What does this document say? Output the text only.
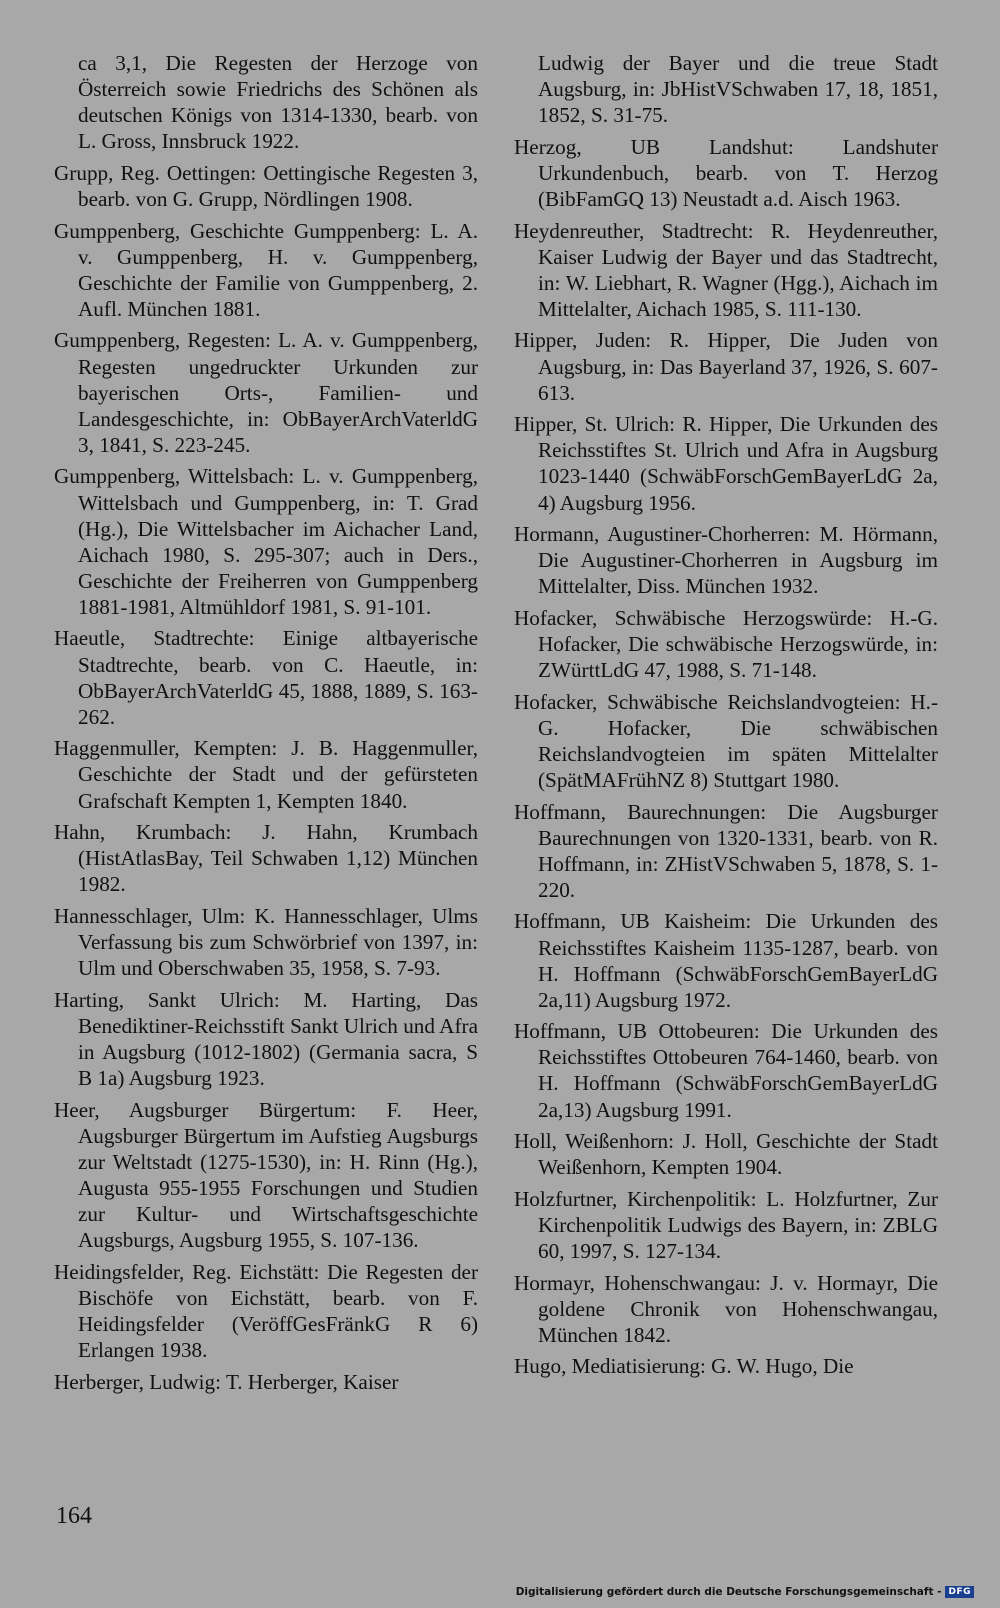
ca 3,1, Die Regesten der Herzoge von Österreich sowie Friedrichs des Schönen als deutschen Königs von 1314-1330, bearb. von L. Gross, Innsbruck 1922.

Grupp, Reg. Oettingen: Oettingische Regesten 3, bearb. von G. Grupp, Nördlingen 1908.

Gumppenberg, Geschichte Gumppenberg: L. A. v. Gumppenberg, H. v. Gumppenberg, Geschichte der Familie von Gumppenberg, 2. Aufl. München 1881.

Gumppenberg, Regesten: L. A. v. Gumppenberg, Regesten ungedruckter Urkunden zur bayerischen Orts-, Familien- und Landesgeschichte, in: ObBayerArchVaterldG 3, 1841, S. 223-245.

Gumppenberg, Wittelsbach: L. v. Gumppenberg, Wittelsbach und Gumppenberg, in: T. Grad (Hg.), Die Wittelsbacher im Aichacher Land, Aichach 1980, S. 295-307; auch in Ders., Geschichte der Freiherren von Gumppenberg 1881-1981, Altmühldorf 1981, S. 91-101.

Haeutle, Stadtrechte: Einige altbayerische Stadtrechte, bearb. von C. Haeutle, in: ObBayerArchVaterldG 45, 1888, 1889, S. 163-262.

Haggenmuller, Kempten: J. B. Haggenmuller, Geschichte der Stadt und der gefürsteten Grafschaft Kempten 1, Kempten 1840.

Hahn, Krumbach: J. Hahn, Krumbach (HistAtlasBay, Teil Schwaben 1,12) München 1982.

Hannesschlager, Ulm: K. Hannesschlager, Ulms Verfassung bis zum Schwörbrief von 1397, in: Ulm und Oberschwaben 35, 1958, S. 7-93.

Harting, Sankt Ulrich: M. Harting, Das Benediktiner-Reichsstift Sankt Ulrich und Afra in Augsburg (1012-1802) (Germania sacra, S B 1a) Augsburg 1923.

Heer, Augsburger Bürgertum: F. Heer, Augsburger Bürgertum im Aufstieg Augsburgs zur Weltstadt (1275-1530), in: H. Rinn (Hg.), Augusta 955-1955 Forschungen und Studien zur Kultur- und Wirtschaftsgeschichte Augsburgs, Augsburg 1955, S. 107-136.

Heidingsfelder, Reg. Eichstätt: Die Regesten der Bischöfe von Eichstätt, bearb. von F. Heidingsfelder (VeröffGesFränkG R 6) Erlangen 1938.

Herberger, Ludwig: T. Herberger, Kaiser

Ludwig der Bayer und die treue Stadt Augsburg, in: JbHistVSchwaben 17, 18, 1851, 1852, S. 31-75.

Herzog, UB Landshut: Landshuter Urkundenbuch, bearb. von T. Herzog (BibFamGQ 13) Neustadt a.d. Aisch 1963.

Heydenreuther, Stadtrecht: R. Heydenreuther, Kaiser Ludwig der Bayer und das Stadtrecht, in: W. Liebhart, R. Wagner (Hgg.), Aichach im Mittelalter, Aichach 1985, S. 111-130.

Hipper, Juden: R. Hipper, Die Juden von Augsburg, in: Das Bayerland 37, 1926, S. 607-613.

Hipper, St. Ulrich: R. Hipper, Die Urkunden des Reichsstiftes St. Ulrich und Afra in Augsburg 1023-1440 (SchwäbForschGemBayerLdG 2a, 4) Augsburg 1956.

Hormann, Augustiner-Chorherren: M. Hörmann, Die Augustiner-Chorherren in Augsburg im Mittelalter, Diss. München 1932.

Hofacker, Schwäbische Herzogswürde: H.-G. Hofacker, Die schwäbische Herzogswürde, in: ZWürttLdG 47, 1988, S. 71-148.

Hofacker, Schwäbische Reichslandvogteien: H.-G. Hofacker, Die schwäbischen Reichslandvogteien im späten Mittelalter (SpätMAFrühNZ 8) Stuttgart 1980.

Hoffmann, Baurechnungen: Die Augsburger Baurechnungen von 1320-1331, bearb. von R. Hoffmann, in: ZHistVSchwaben 5, 1878, S. 1-220.

Hoffmann, UB Kaisheim: Die Urkunden des Reichsstiftes Kaisheim 1135-1287, bearb. von H. Hoffmann (SchwäbForschGemBayerLdG 2a,11) Augsburg 1972.

Hoffmann, UB Ottobeuren: Die Urkunden des Reichsstiftes Ottobeuren 764-1460, bearb. von H. Hoffmann (SchwäbForschGemBayerLdG 2a,13) Augsburg 1991.

Holl, Weißenhorn: J. Holl, Geschichte der Stadt Weißenhorn, Kempten 1904.

Holzfurtner, Kirchenpolitik: L. Holzfurtner, Zur Kirchenpolitik Ludwigs des Bayern, in: ZBLG 60, 1997, S. 127-134.

Hormayr, Hohenschwangau: J. v. Hormayr, Die goldene Chronik von Hohenschwangau, München 1842.

Hugo, Mediatisierung: G. W. Hugo, Die

164
Digitalisierung gefördert durch die Deutsche Forschungsgemeinschaft - DFG
